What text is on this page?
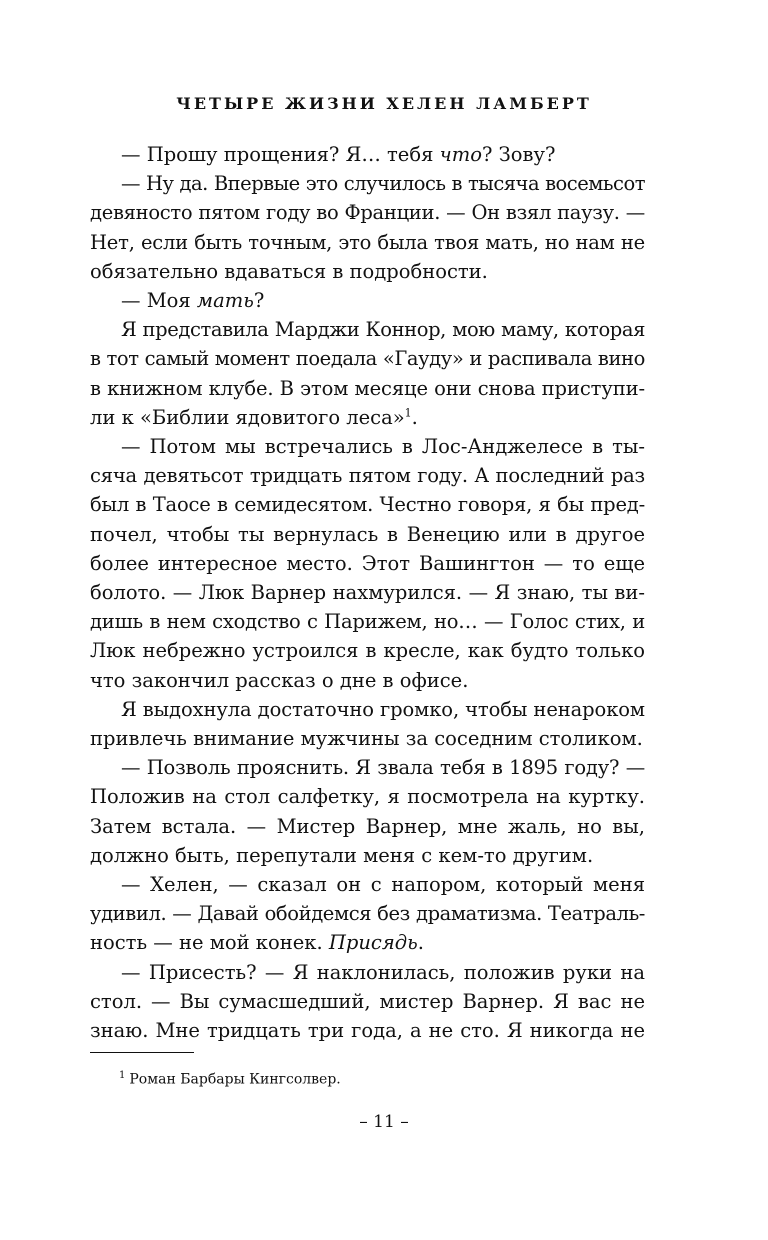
ЧЕТЫРЕ ЖИЗНИ ХЕЛЕН ЛАМБЕРТ
— Прошу прощения? Я… тебя что? Зову?
— Ну да. Впервые это случилось в тысяча восемьсот
девяносто пятом году во Франции. — Он взял паузу. —
Нет, если быть точным, это была твоя мать, но нам не
обязательно вдаваться в подробности.
— Моя мать?
Я представила Марджи Коннор, мою маму, которая
в тот самый момент поедала «Гауду» и распивала вино
в книжном клубе. В этом месяце они снова приступи-
ли к «Библии ядовитого леса»$^1$.
— Потом мы встречались в Лос-Анджелесе в ты-
сяча девятьсот тридцать пятом году. А последний раз
был в Таосе в семидесятом. Честно говоря, я бы пред-
почел, чтобы ты вернулась в Венецию или в другое
более интересное место. Этот Вашингтон — то еще
болото. — Люк Варнер нахмурился. — Я знаю, ты ви-
дишь в нем сходство с Парижем, но… — Голос стих, и
Люк небрежно устроился в кресле, как будто только
что закончил рассказ о дне в офисе.
Я выдохнула достаточно громко, чтобы ненароком
привлечь внимание мужчины за соседним столиком.
— Позволь прояснить. Я звала тебя в 1895 году? —
Положив на стол салфетку, я посмотрела на куртку.
Затем встала. — Мистер Варнер, мне жаль, но вы,
должно быть, перепутали меня с кем-то другим.
— Хелен, — сказал он с напором, который меня
удивил. — Давай обойдемся без драматизма. Театраль-
ность — не мой конек. Присядь.
— Присесть? — Я наклонилась, положив руки на
стол. — Вы сумасшедший, мистер Варнер. Я вас не
знаю. Мне тридцать три года, а не сто. Я никогда не
$^1$ Роман Барбары Кингсолвер.
– 11 –
